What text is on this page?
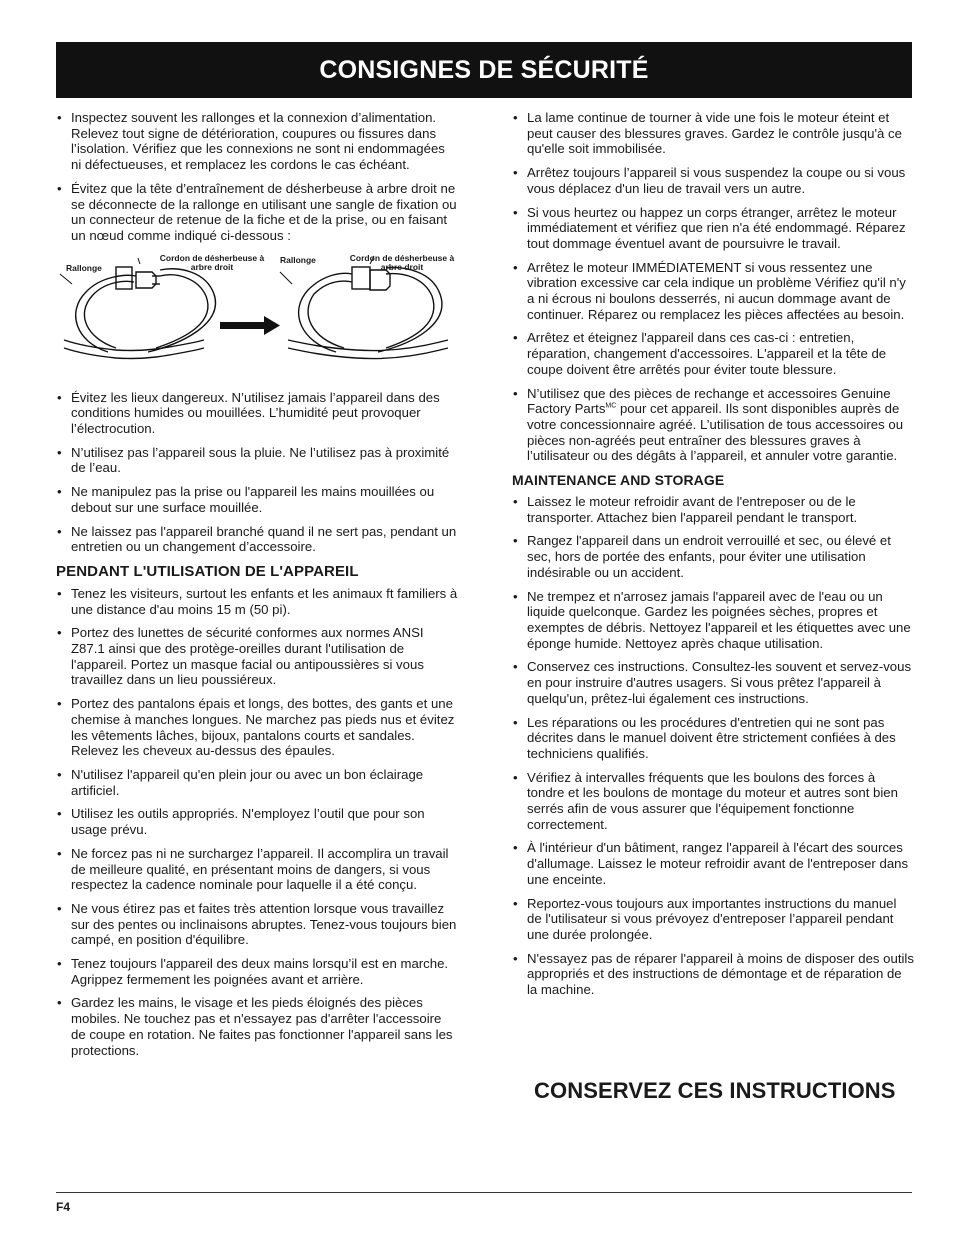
CONSIGNES DE SÉCURITÉ
• Inspectez souvent les rallonges et la connexion d’alimentation. Relevez tout signe de détérioration, coupures ou fissures dans l’isolation. Vérifiez que les connexions ne sont ni endommagées ni défectueuses, et remplacez les cordons le cas échéant.
• Évitez que la tête d’entraînement de désherbeuse à arbre droit ne se déconnecte de la rallonge en utilisant une sangle de fixation ou un connecteur de retenue de la fiche et de la prise, ou en faisant un nœud comme indiqué ci-dessous :
Rallonge
Cordon de désherbeuse à arbre droit
Rallonge	Cordon de désherbeuse à arbre droit
• Évitez les lieux dangereux. N’utilisez jamais l’appareil dans des conditions humides ou mouillées. L’humidité peut provoquer l’électrocution.
• N’utilisez pas l’appareil sous la pluie. Ne l’utilisez pas à proximité de l’eau.
• Ne manipulez pas la prise ou l'appareil les mains mouillées ou debout sur une surface mouillée.
• Ne laissez pas l'appareil branché quand il ne sert pas, pendant un entretien ou un changement d’accessoire.
PENDANT L'UTILISATION DE L'APPAREIL
• Tenez les visiteurs, surtout les enfants et les animaux ft familiers à une distance d'au moins 15 m (50 pi).
• Portez des lunettes de sécurité conformes aux normes ANSI Z87.1 ainsi que des protège-oreilles durant l'utilisation de l'appareil. Portez un masque facial ou antipoussières si vous travaillez dans un lieu poussiéreux.
• Portez des pantalons épais et longs, des bottes, des gants et une chemise à manches longues. Ne marchez pas pieds nus et évitez les vêtements lâches, bijoux, pantalons courts et sandales. Relevez les cheveux au-dessus des épaules.
• N'utilisez l'appareil qu'en plein jour ou avec un bon éclairage artificiel.
• Utilisez les outils appropriés. N'employez l’outil que pour son usage prévu.
• Ne forcez pas ni ne surchargez l’appareil. Il accomplira un travail de meilleure qualité, en présentant moins de dangers, si vous respectez la cadence nominale pour laquelle il a été conçu.
• Ne vous étirez pas et faites très attention lorsque vous travaillez sur des pentes ou inclinaisons abruptes. Tenez-vous toujours bien campé, en position d'équilibre.
• Tenez toujours l'appareil des deux mains lorsqu’il est en marche. Agrippez fermement les poignées avant et arrière.
• Gardez les mains, le visage et les pieds éloignés des pièces mobiles. Ne touchez pas et n'essayez pas d'arrêter l'accessoire de coupe en rotation. Ne faites pas fonctionner l'appareil sans les protections.
• La lame continue de tourner à vide une fois le moteur éteint et peut causer des blessures graves. Gardez le contrôle jusqu'à ce qu'elle soit immobilisée.
• Arrêtez toujours l’appareil si vous suspendez la coupe ou si vous vous déplacez d'un lieu de travail vers un autre.
• Si vous heurtez ou happez un corps étranger, arrêtez le moteur immédiatement et vérifiez que rien n'a été endommagé. Réparez tout dommage éventuel avant de poursuivre le travail.
• Arrêtez le moteur IMMÉDIATEMENT si vous ressentez une vibration excessive car cela indique un problème Vérifiez qu'il n'y a ni écrous ni boulons desserrés, ni aucun dommage avant de continuer. Réparez ou remplacez les pièces affectées au besoin.
• Arrêtez et éteignez l'appareil dans ces cas-ci : entretien, réparation, changement d'accessoires. L'appareil et la tête de coupe doivent être arrêtés pour éviter toute blessure.
• N’utilisez que des pièces de rechange et accessoires Genuine Factory Parts$^{MC}$ pour cet appareil. Ils sont disponibles auprès de votre concessionnaire agréé. L’utilisation de tous accessoires ou pièces non-agréés peut entraîner des blessures graves à l’utilisateur ou des dégâts à l’appareil, et annuler votre garantie.
MAINTENANCE AND STORAGE
• Laissez le moteur refroidir avant de l'entreposer ou de le transporter. Attachez bien l'appareil pendant le transport.
• Rangez l'appareil dans un endroit verrouillé et sec, ou élevé et sec, hors de portée des enfants, pour éviter une utilisation indésirable ou un accident.
• Ne trempez et n'arrosez jamais l'appareil avec de l'eau ou un liquide quelconque. Gardez les poignées sèches, propres et exemptes de débris. Nettoyez l'appareil et les étiquettes avec une éponge humide. Nettoyez après chaque utilisation.
• Conservez ces instructions. Consultez-les souvent et servez-vous en pour instruire d'autres usagers. Si vous prêtez l'appareil à quelqu'un, prêtez-lui également ces instructions.
• Les réparations ou les procédures d'entretien qui ne sont pas décrites dans le manuel doivent être strictement confiées à des techniciens qualifiés.
• Vérifiez à intervalles fréquents que les boulons des forces à tondre et les boulons de montage du moteur et autres sont bien serrés afin de vous assurer que l'équipement fonctionne correctement.
• À l'intérieur d'un bâtiment, rangez l'appareil à l'écart des sources d'allumage. Laissez le moteur refroidir avant de l'entreposer dans une enceinte.
• Reportez-vous toujours aux importantes instructions du manuel de l'utilisateur si vous prévoyez d'entreposer l’appareil pendant une durée prolongée.
• N'essayez pas de réparer l'appareil à moins de disposer des outils appropriés et des instructions de démontage et de réparation de la machine.
CONSERVEZ CES INSTRUCTIONS
F4
